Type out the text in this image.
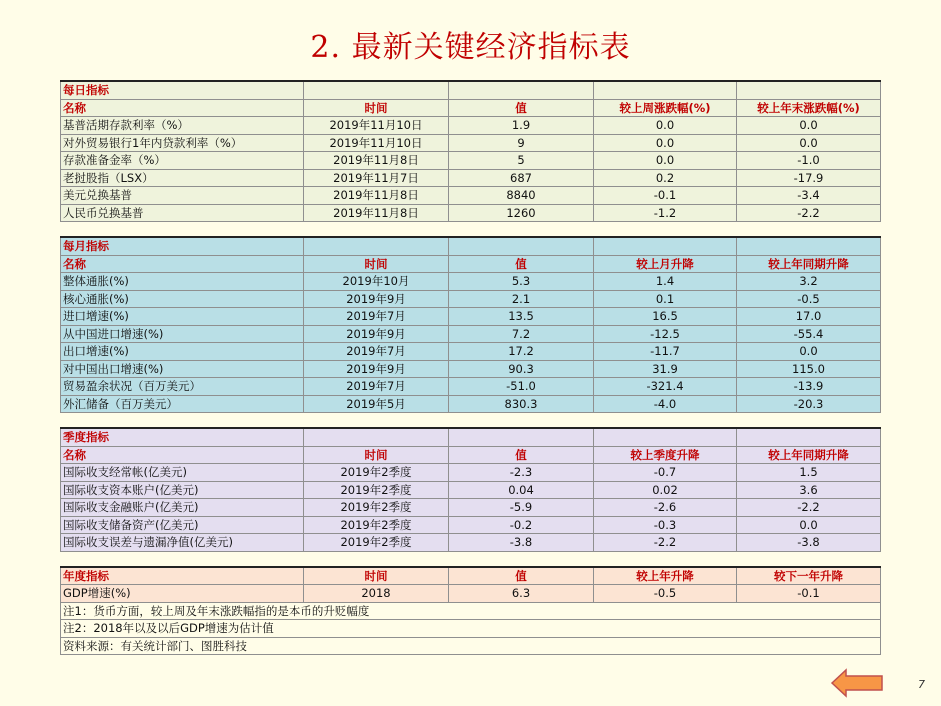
2. 最新关键经济指标表
每日指标				
名称	时间	值	较上周涨跌幅(%)	较上年末涨跌幅(%)
基普活期存款利率（%）	2019年11月10日	1.9	0.0	0.0
对外贸易银行1年内贷款利率（%）	2019年11月10日	9	0.0	0.0
存款准备金率（%）	2019年11月8日	5	0.0	-1.0
老挝股指（LSX）	2019年11月7日	687	0.2	-17.9
美元兑换基普	2019年11月8日	8840	-0.1	-3.4
人民币兑换基普	2019年11月8日	1260	-1.2	-2.2

每月指标				
名称	时间	值	较上月升降	较上年同期升降
整体通胀(%)	2019年10月	5.3	1.4	3.2
核心通胀(%)	2019年9月	2.1	0.1	-0.5
进口增速(%)	2019年7月	13.5	16.5	17.0
从中国进口增速(%)	2019年9月	7.2	-12.5	-55.4
出口增速(%)	2019年7月	17.2	-11.7	0.0
对中国出口增速(%)	2019年9月	90.3	31.9	115.0
贸易盈余状况（百万美元）	2019年7月	-51.0	-321.4	-13.9
外汇储备（百万美元）	2019年5月	830.3	-4.0	-20.3

季度指标				
名称	时间	值	较上季度升降	较上年同期升降
国际收支经常帐(亿美元)	2019年2季度	-2.3	-0.7	1.5
国际收支资本账户(亿美元)	2019年2季度	0.04	0.02	3.6
国际收支金融账户(亿美元)	2019年2季度	-5.9	-2.6	-2.2
国际收支储备资产(亿美元)	2019年2季度	-0.2	-0.3	0.0
国际收支误差与遗漏净值(亿美元)	2019年2季度	-3.8	-2.2	-3.8

年度指标	时间	值	较上年升降	较下一年升降
GDP增速(%)	2018	6.3	-0.5	-0.1
注1：货币方面，较上周及年末涨跌幅指的是本币的升贬幅度				
注2：2018年以及以后GDP增速为估计值				
资料来源：有关统计部门、图胜科技				
7
